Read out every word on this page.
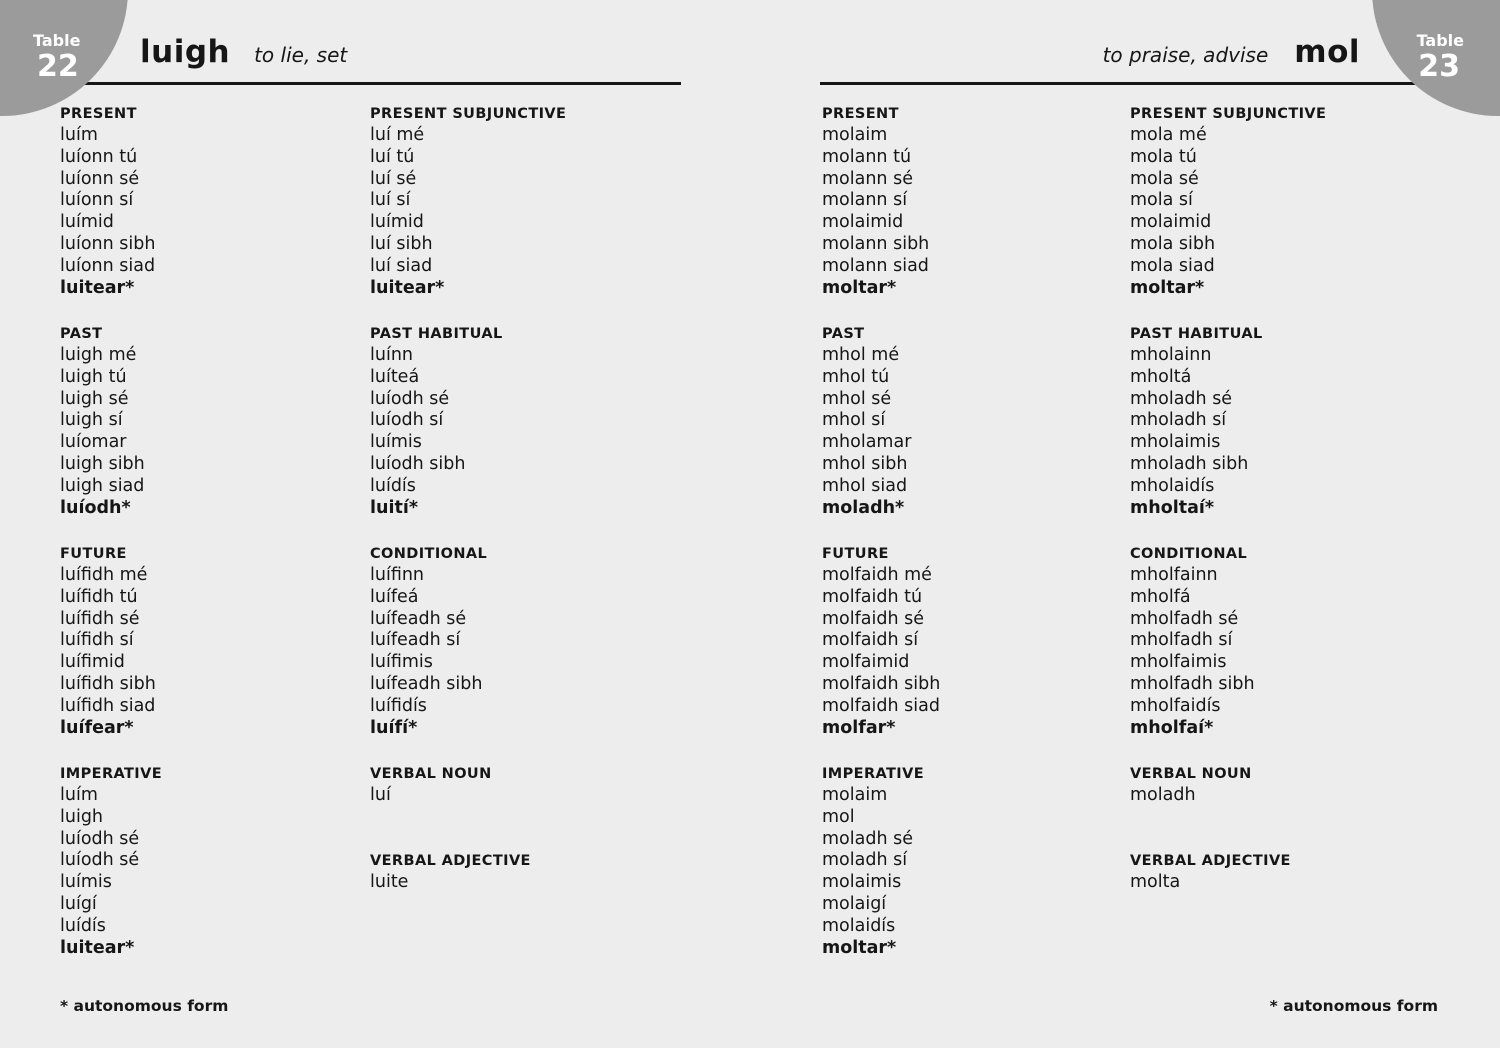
Table
22
Table
23
luigh to lie, set	to praise, advise mol
PRESENT
luím
luíonn tú
luíonn sé
luíonn sí
luímid
luíonn sibh
luíonn siad
luitear*
PAST
luigh mé
luigh tú
luigh sé
luigh sí
luíomar
luigh sibh
luigh siad
luíodh*
FUTURE
luífidh mé
luífidh tú
luífidh sé
luífidh sí
luífimid
luífidh sibh
luífidh siad
luífear*
IMPERATIVE
luím
luigh
luíodh sé
luíodh sé
luímis
luígí
luídís
luitear*
PRESENT SUBJUNCTIVE
luí mé
luí tú
luí sé
luí sí
luímid
luí sibh
luí siad
luitear*
PAST HABITUAL
luínn
luíteá
luíodh sé
luíodh sí
luímis
luíodh sibh
luídís
luití*
CONDITIONAL
luífinn
luífeá
luífeadh sé
luífeadh sí
luífimis
luífeadh sibh
luífidís
luífí*
VERBAL NOUN
luí
VERBAL ADJECTIVE
luite
PRESENT
molaim
molann tú
molann sé
molann sí
molaimid
molann sibh
molann siad
moltar*
PAST
mhol mé
mhol tú
mhol sé
mhol sí
mholamar
mhol sibh
mhol siad
moladh*
FUTURE
molfaidh mé
molfaidh tú
molfaidh sé
molfaidh sí
molfaimid
molfaidh sibh
molfaidh siad
molfar*
IMPERATIVE
molaim
mol
moladh sé
moladh sí
molaimis
molaigí
molaidís
moltar*
PRESENT SUBJUNCTIVE
mola mé
mola tú
mola sé
mola sí
molaimid
mola sibh
mola siad
moltar*
PAST HABITUAL
mholainn
mholtá
mholadh sé
mholadh sí
mholaimis
mholadh sibh
mholaidís
mholtaí*
CONDITIONAL
mholfainn
mholfá
mholfadh sé
mholfadh sí
mholfaimis
mholfadh sibh
mholfaidís
mholfaí*
VERBAL NOUN
moladh
VERBAL ADJECTIVE
molta
* autonomous form	* autonomous form
